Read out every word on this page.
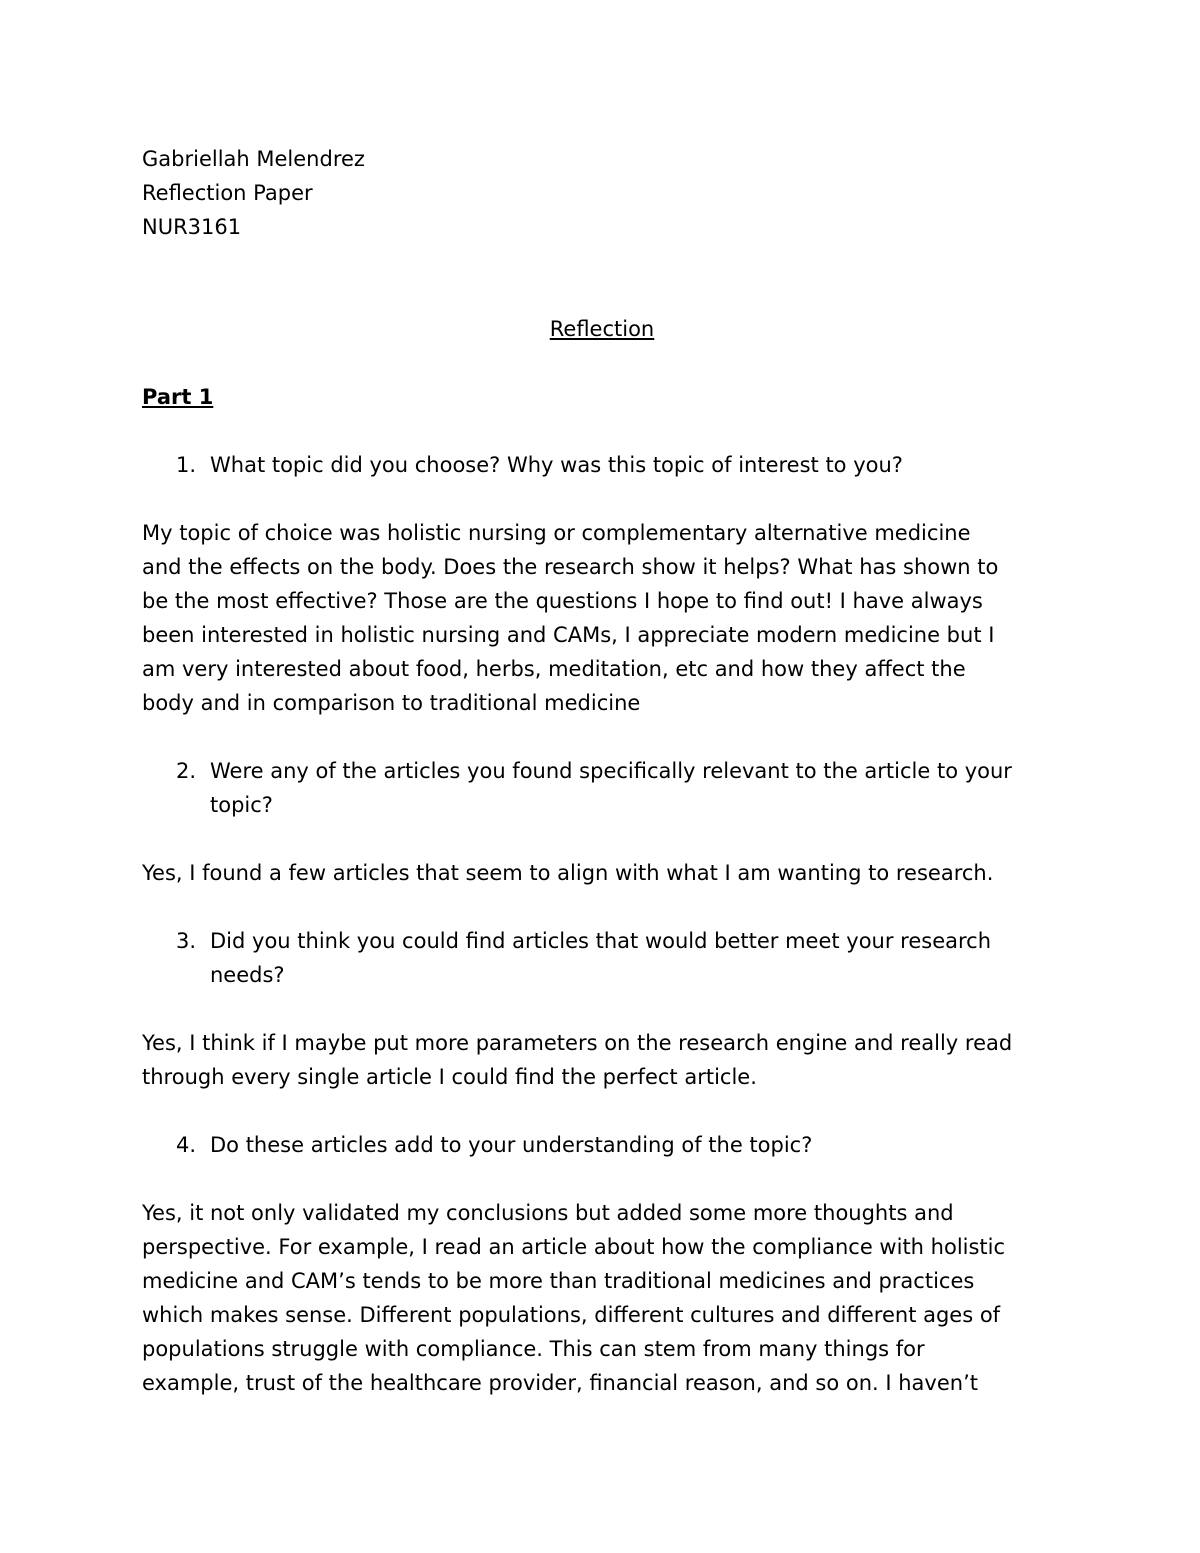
Gabriellah Melendrez

Reflection Paper

NUR3161

Reflection

Part 1

1. What topic did you choose? Why was this topic of interest to you?

My topic of choice was holistic nursing or complementary alternative medicine

and the effects on the body. Does the research show it helps? What has shown to

be the most effective? Those are the questions I hope to find out! I have always

been interested in holistic nursing and CAMs, I appreciate modern medicine but I

am very interested about food, herbs, meditation, etc and how they affect the

body and in comparison to traditional medicine

2. Were any of the articles you found specifically relevant to the article to your

topic?

Yes, I found a few articles that seem to align with what I am wanting to research.

3. Did you think you could find articles that would better meet your research

needs?

Yes, I think if I maybe put more parameters on the research engine and really read

through every single article I could find the perfect article.

4. Do these articles add to your understanding of the topic?

Yes, it not only validated my conclusions but added some more thoughts and

perspective. For example, I read an article about how the compliance with holistic

medicine and CAM’s tends to be more than traditional medicines and practices

which makes sense. Different populations, different cultures and different ages of

populations struggle with compliance. This can stem from many things for

example, trust of the healthcare provider, financial reason, and so on. I haven’t
